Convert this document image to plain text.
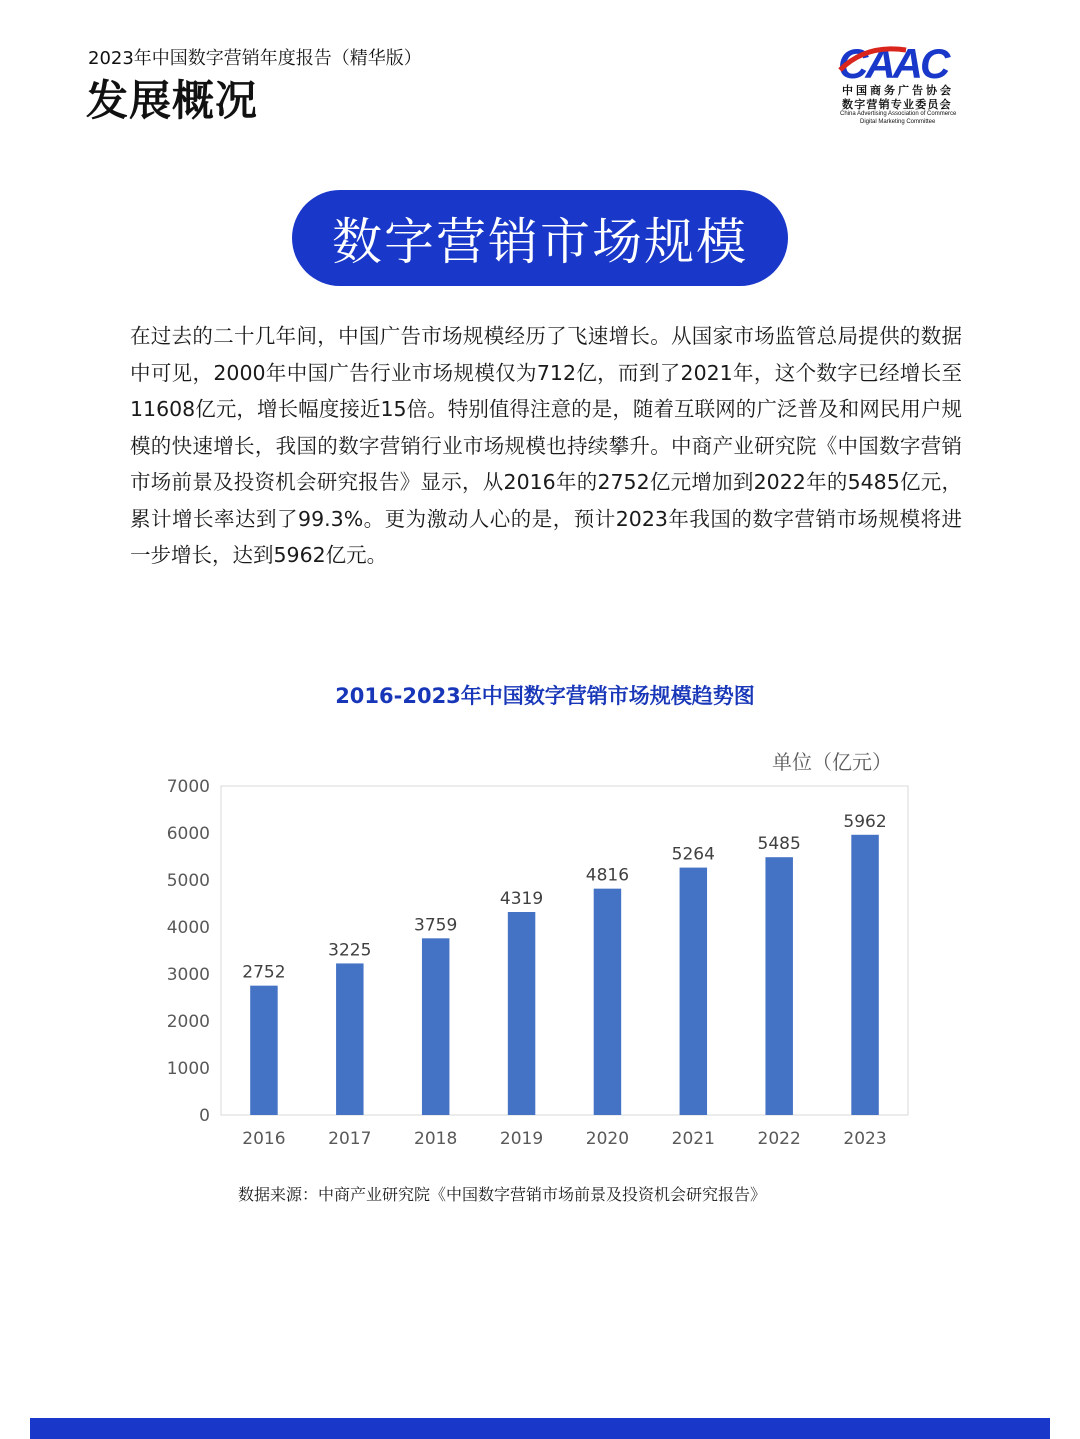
2023年中国数字营销年度报告（精华版）
发展概况
CAAC
中国商务广告协会
数字营销专业委员会
China Advertising Association of Commerce
Digital Marketing Committee
数字营销市场规模
在过去的二十几年间，中国广告市场规模经历了飞速增长。从国家市场监管总局提供的数据中可见，2000年中国广告行业市场规模仅为712亿，而到了2021年，这个数字已经增长至11608亿元，增长幅度接近15倍。特别值得注意的是，随着互联网的广泛普及和网民用户规模的快速增长，我国的数字营销行业市场规模也持续攀升。中商产业研究院《中国数字营销市场前景及投资机会研究报告》显示，从2016年的2752亿元增加到2022年的5485亿元，累计增长率达到了99.3%。更为激动人心的是，预计2023年我国的数字营销市场规模将进一步增长，达到5962亿元。
2016-2023年中国数字营销市场规模趋势图
单位（亿元）
0
1000
2000
3000
4000
5000
6000
7000
2752
2016
3225
2017
3759
2018
4319
2019
4816
2020
5264
2021
5485
2022
5962
2023
数据来源：中商产业研究院《中国数字营销市场前景及投资机会研究报告》
